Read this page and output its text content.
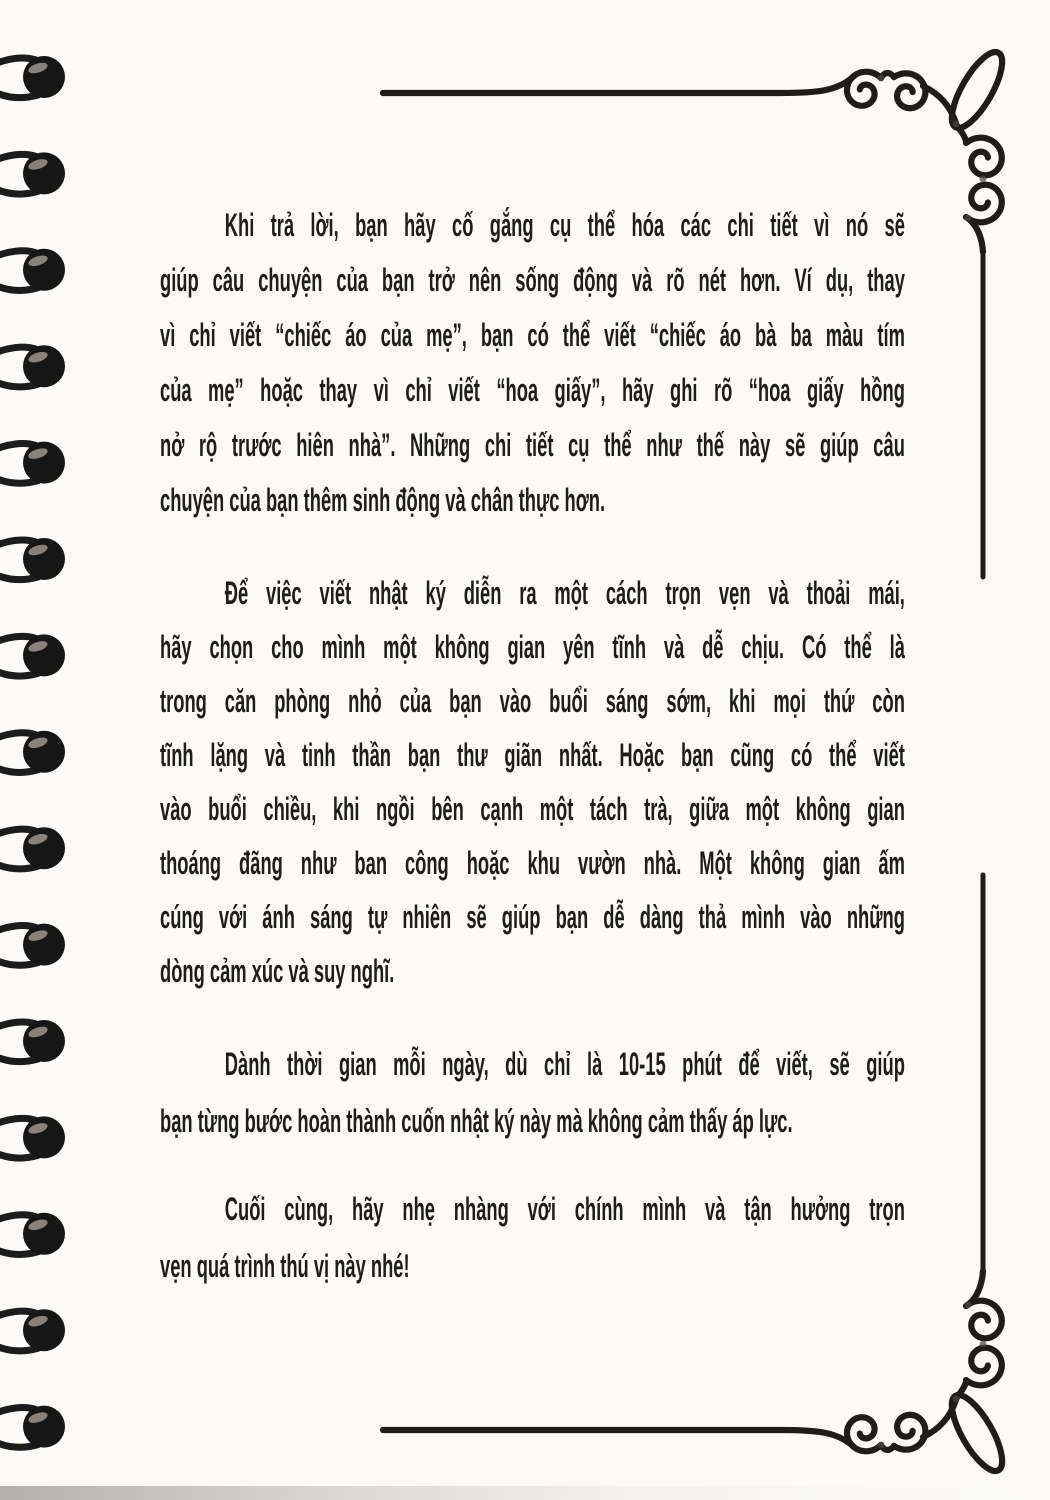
Khi trả lời, bạn hãy cố gắng cụ thể hóa các chi tiết vì nó sẽ
giúp câu chuyện của bạn trở nên sống động và rõ nét hơn. Ví dụ, thay
vì chỉ viết “chiếc áo của mẹ”, bạn có thể viết “chiếc áo bà ba màu tím
của mẹ” hoặc thay vì chỉ viết “hoa giấy”, hãy ghi rõ “hoa giấy hồng
nở rộ trước hiên nhà”. Những chi tiết cụ thể như thế này sẽ giúp câu
chuyện của bạn thêm sinh động và chân thực hơn.
Để việc viết nhật ký diễn ra một cách trọn vẹn và thoải mái,
hãy chọn cho mình một không gian yên tĩnh và dễ chịu. Có thể là
trong căn phòng nhỏ của bạn vào buổi sáng sớm, khi mọi thứ còn
tĩnh lặng và tinh thần bạn thư giãn nhất. Hoặc bạn cũng có thể viết
vào buổi chiều, khi ngồi bên cạnh một tách trà, giữa một không gian
thoáng đãng như ban công hoặc khu vườn nhà. Một không gian ấm
cúng với ánh sáng tự nhiên sẽ giúp bạn dễ dàng thả mình vào những
dòng cảm xúc và suy nghĩ.
Dành thời gian mỗi ngày, dù chỉ là 10-15 phút để viết, sẽ giúp
bạn từng bước hoàn thành cuốn nhật ký này mà không cảm thấy áp lực.
Cuối cùng, hãy nhẹ nhàng với chính mình và tận hưởng trọn
vẹn quá trình thú vị này nhé!
